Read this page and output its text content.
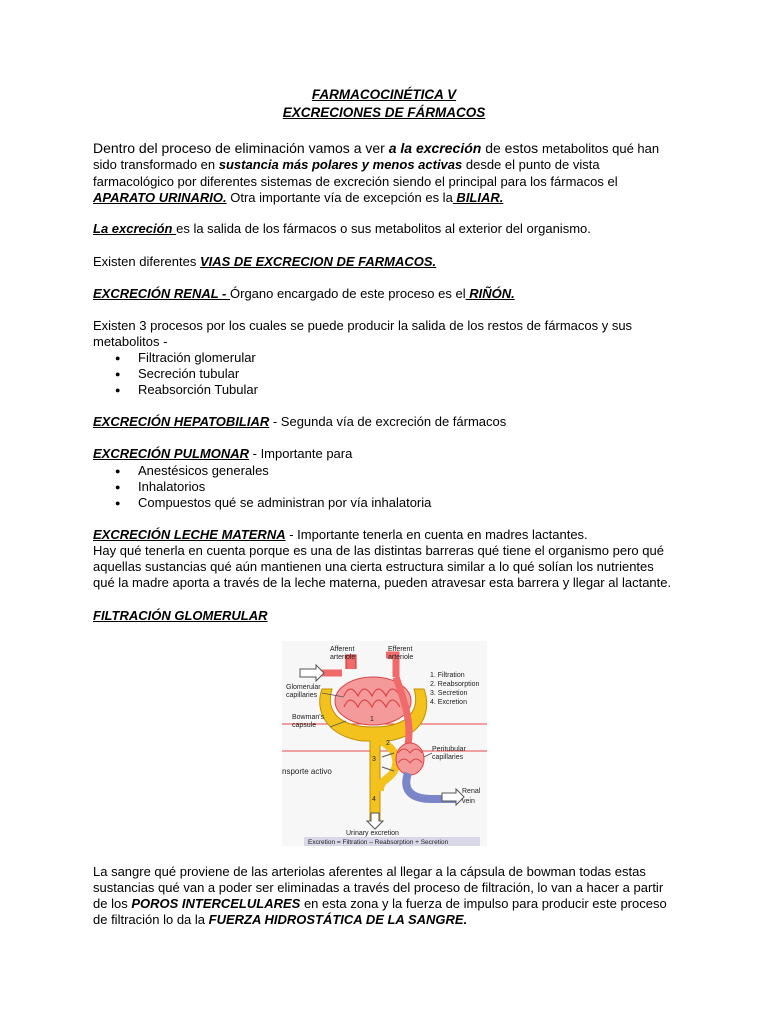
FARMACOCINÉTICA V
EXCRECIONES DE FÁRMACOS
Dentro del proceso de eliminación vamos a ver a la excreción de estos metabolitos qué han
sido transformado en sustancia más polares y menos activas desde el punto de vista
farmacológico por diferentes sistemas de excreción siendo el principal para los fármacos el
APARATO URINARIO. Otra importante vía de excepción es la BILIAR.
La excreción es la salida de los fármacos o sus metabolitos al exterior del organismo.
Existen diferentes VIAS DE EXCRECION DE FARMACOS.
EXCRECIÓN RENAL - Órgano encargado de este proceso es el RIÑÓN.
Existen 3 procesos por los cuales se puede producir la salida de los restos de fármacos y sus
metabolitos -
● Filtración glomerular
● Secreción tubular
● Reabsorción Tubular
EXCRECIÓN HEPATOBILIAR - Segunda vía de excreción de fármacos
EXCRECIÓN PULMONAR - Importante para
● Anestésicos generales
● Inhalatorios
● Compuestos qué se administran por vía inhalatoria
EXCRECIÓN LECHE MATERNA - Importante tenerla en cuenta en madres lactantes.
Hay qué tenerla en cuenta porque es una de las distintas barreras qué tiene el organismo pero qué
aquellas sustancias qué aún mantienen una cierta estructura similar a lo qué solían los nutrientes
qué la madre aporta a través de la leche materna, pueden atravesar esta barrera y llegar al lactante.
FILTRACIÓN GLOMERULAR
Afferent
arteriole
Efferent
arteriole
Glomerular
capillaries
Bowman's
capsule
nsporte activo
Peritubular
capillaries
Renal
vein
1. Filtration
2. Reabsorption
3. Secretion
4. Excretion
1
2
3
4
Urinary excretion
Excretion = Filtration – Reabsorption + Secretion
La sangre qué proviene de las arteriolas aferentes al llegar a la cápsula de bowman todas estas
sustancias qué van a poder ser eliminadas a través del proceso de filtración, lo van a hacer a partir
de los POROS INTERCELULARES en esta zona y la fuerza de impulso para producir este proceso
de filtración lo da la FUERZA HIDROSTÁTICA DE LA SANGRE.
